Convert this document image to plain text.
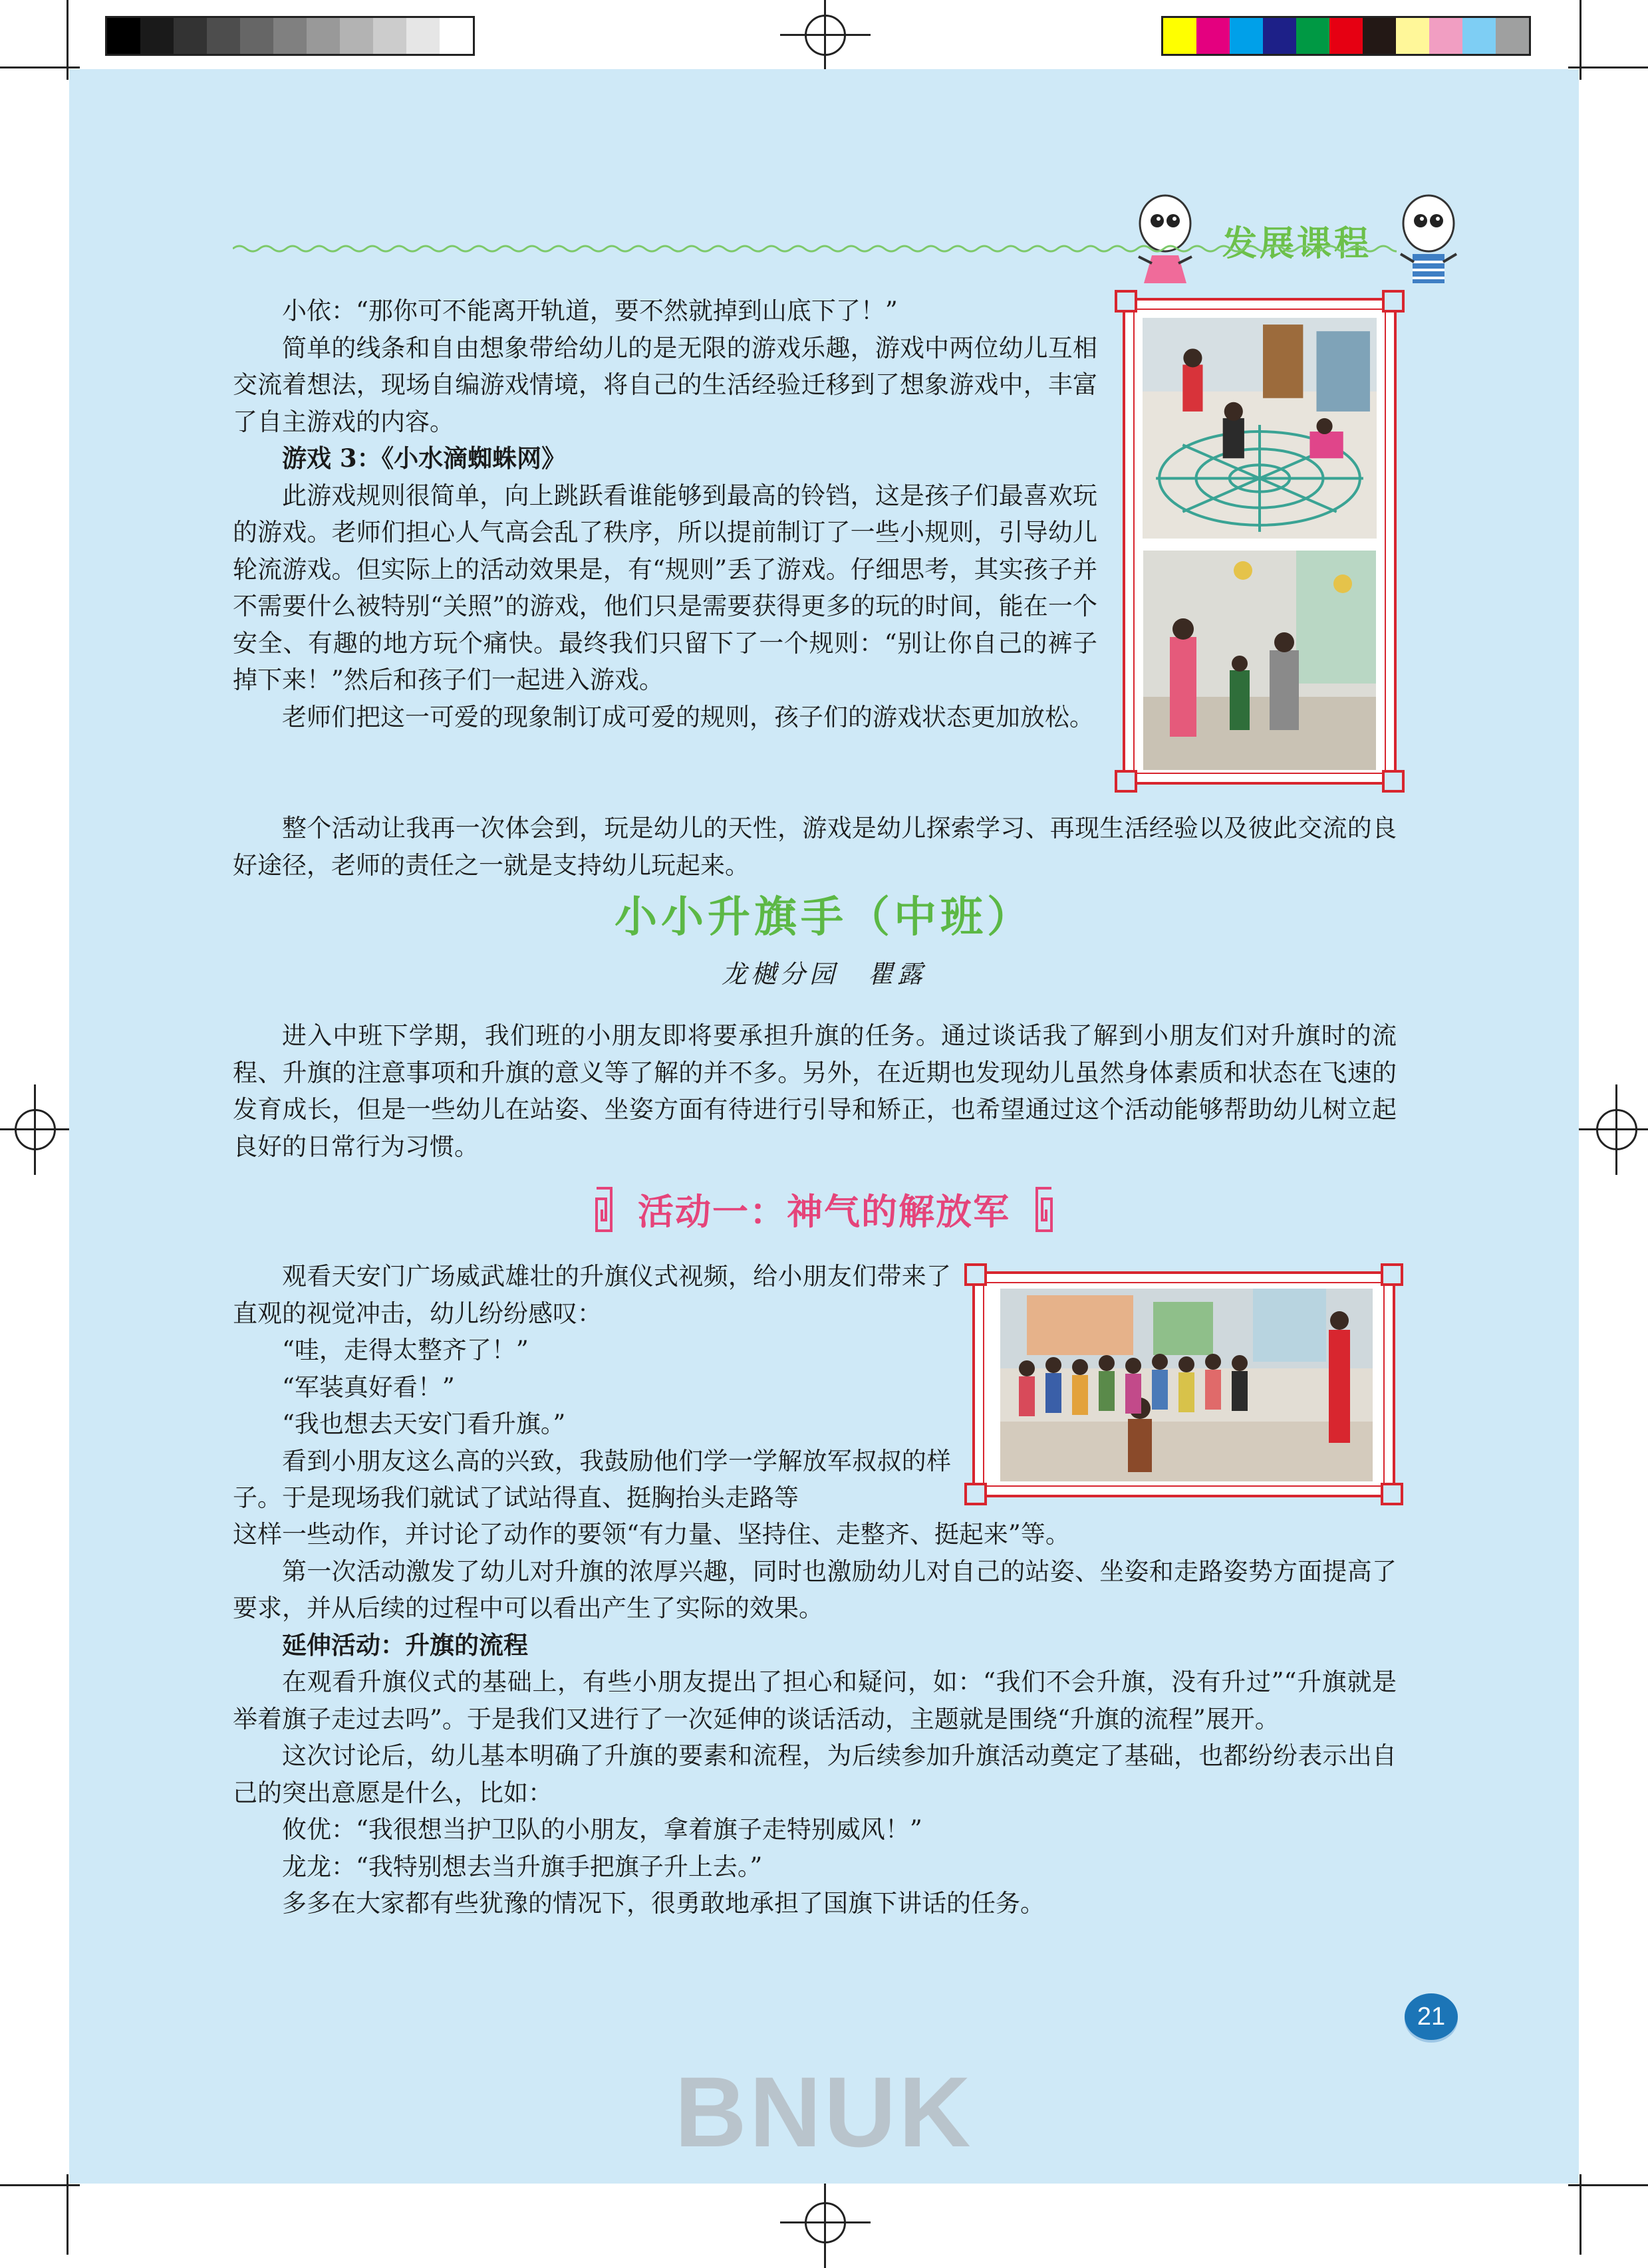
发展课程

小依：“那你可不能离开轨道，要不然就掉到山底下了！”

简单的线条和自由想象带给幼儿的是无限的游戏乐趣，游戏中两位幼儿互相交流着想法，现场自编游戏情境，将自己的生活经验迁移到了想象游戏中，丰富了自主游戏的内容。

游戏 3：《小水滴蜘蛛网》

此游戏规则很简单，向上跳跃看谁能够到最高的铃铛，这是孩子们最喜欢玩的游戏。老师们担心人气高会乱了秩序，所以提前制订了一些小规则，引导幼儿轮流游戏。但实际上的活动效果是，有“规则”丢了游戏。仔细思考，其实孩子并不需要什么被特别“关照”的游戏，他们只是需要获得更多的玩的时间，能在一个安全、有趣的地方玩个痛快。最终我们只留下了一个规则：“别让你自己的裤子掉下来！”然后和孩子们一起进入游戏。

老师们把这一可爱的现象制订成可爱的规则，孩子们的游戏状态更加放松。

整个活动让我再一次体会到，玩是幼儿的天性，游戏是幼儿探索学习、再现生活经验以及彼此交流的良好途径，老师的责任之一就是支持幼儿玩起来。

小小升旗手（中班）
龙樾分园　瞿露

进入中班下学期，我们班的小朋友即将要承担升旗的任务。通过谈话我了解到小朋友们对升旗时的流程、升旗的注意事项和升旗的意义等了解的并不多。另外，在近期也发现幼儿虽然身体素质和状态在飞速的发育成长，但是一些幼儿在站姿、坐姿方面有待进行引导和矫正，也希望通过这个活动能够帮助幼儿树立起良好的日常行为习惯。

活动一：神气的解放军

观看天安门广场威武雄壮的升旗仪式视频，给小朋友们带来了直观的视觉冲击，幼儿纷纷感叹：

“哇，走得太整齐了！”

“军装真好看！”

“我也想去天安门看升旗。”

看到小朋友这么高的兴致，我鼓励他们学一学解放军叔叔的样子。于是现场我们就试了试站得直、挺胸抬头走路等

这样一些动作，并讨论了动作的要领“有力量、坚持住、走整齐、挺起来”等。

第一次活动激发了幼儿对升旗的浓厚兴趣，同时也激励幼儿对自己的站姿、坐姿和走路姿势方面提高了要求，并从后续的过程中可以看出产生了实际的效果。

延伸活动：升旗的流程

在观看升旗仪式的基础上，有些小朋友提出了担心和疑问，如：“我们不会升旗，没有升过”“升旗就是举着旗子走过去吗”。于是我们又进行了一次延伸的谈话活动，主题就是围绕“升旗的流程”展开。

这次讨论后，幼儿基本明确了升旗的要素和流程，为后续参加升旗活动奠定了基础，也都纷纷表示出自己的突出意愿是什么，比如：

攸优：“我很想当护卫队的小朋友，拿着旗子走特别威风！”

龙龙：“我特别想去当升旗手把旗子升上去。”

多多在大家都有些犹豫的情况下，很勇敢地承担了国旗下讲话的任务。

21
BNUK
